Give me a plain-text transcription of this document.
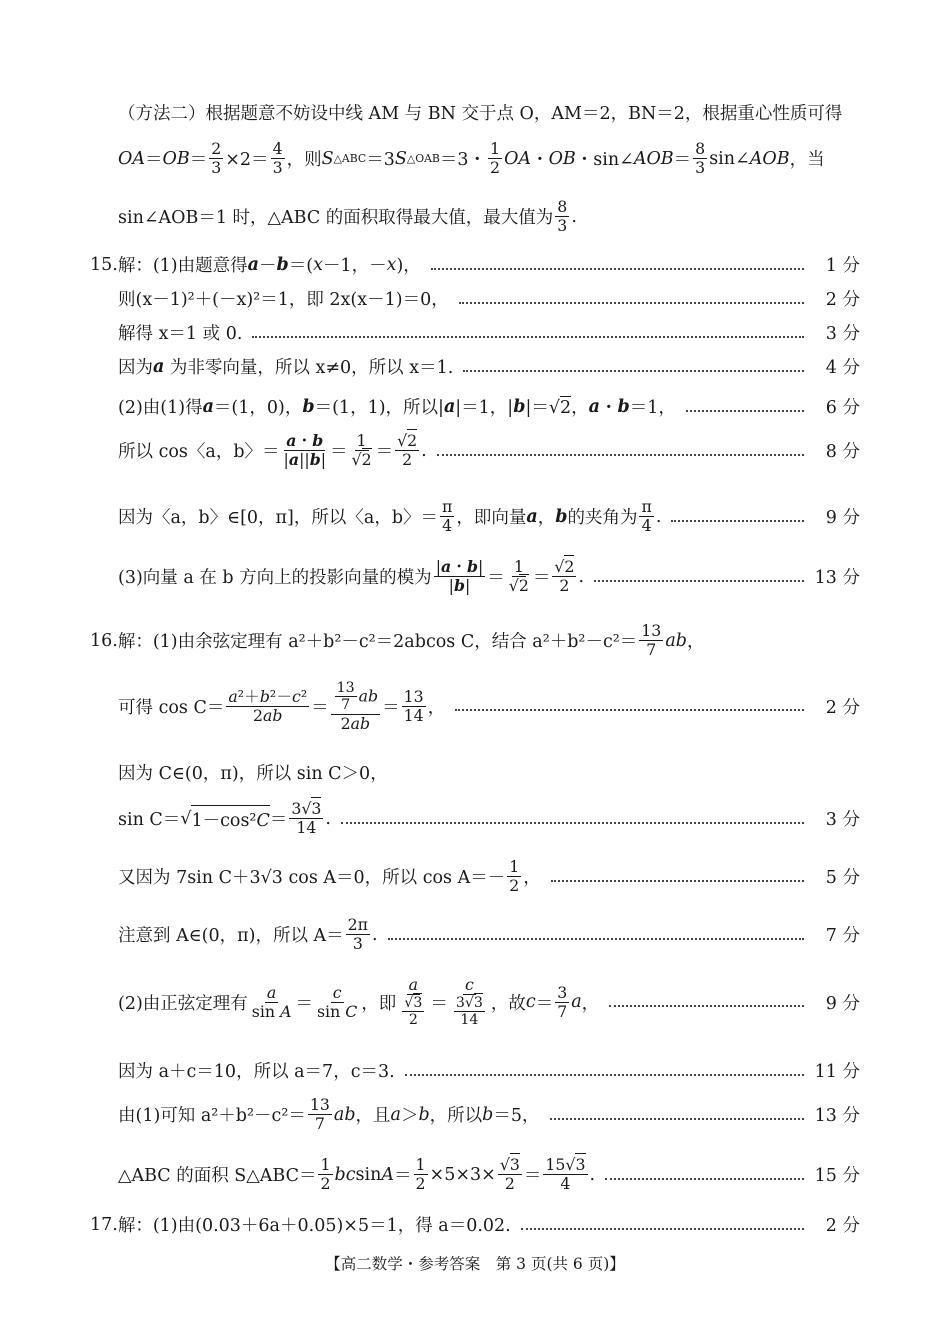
（方法二）根据题意不妨设中线 AM 与 BN 交于点 O，AM＝2，BN＝2，根据重心性质可得
OA ＝ OB ＝ $\frac{2}{3} \times 2= \frac{4}{3}$ ，则 S △ABC ＝3 S △OAB ＝3・ $\frac{1}{2}$ OA ・ OB ・sin∠ AOB ＝ $\frac{8}{3}$ sin∠ AOB ，当
sin∠AOB＝1 时，△ABC 的面积取得最大值，最大值为 $\frac{8}{3}$ .
15. 解：(1)由题意得 a － b ＝( x －1，－ x )，	1 分
则(x－1)²＋(－x)²＝1，即 2x(x－1)＝0，	2 分
解得 x＝1 或 0.	3 分
因为 a
为非零向量，所以 x≠0，所以 x＝1.	4 分
(2)由(1)得 a ＝(1，0)， b ＝(1，1)，所以| a |＝1，| b |＝√ 2 ， a ・ b ＝1，	6 分
所以 cos〈a，b〉＝ $\frac{a・b}{|a||b|} = \frac{1}{√2} = \frac{√2}{2}$ .	8 分
因为〈a，b〉∈[0，π]，所以〈a，b〉＝ $\frac{\pi}{4}$ ，即向量 a ， b 的夹角为 $\frac{\pi}{4}$ .	9 分
(3)向量 a 在 b 方向上的投影向量的模为 $\frac{|a・b|}{|b|} = \frac{1}{√2} = \frac{√2}{2}$ .	13 分
16. 解：(1)由余弦定理有 a²＋b²－c²＝2abcos C，结合 $a^2+b^2-c^2= \frac{13}{7}$ ab ，
可得 $\cos C= \frac{\text{a²＋b²－c²}}{2ab} = \frac{\frac{13}{7} ab}{2ab} = \frac{13}{14}$ ，	2 分
因为 C∈(0，π)，所以 sin C＞0，
sin C＝ √ $1-\cos^2C = \frac{3√3}{14}$ .	3 分
又因为 7sin C＋3√3 cos A＝0，所以 $\cos A=- \frac{1}{2}$ ，	5 分
注意到 A∈(0，π)，所以 $A= \frac{2\pi}{3}$ .	7 分
(2)由正弦定理有 $\frac{a}{\text{sin A}} = \frac{c}{\text{sin C}}$ ，即 $\frac{a}{\frac{√3}{2}} = \frac{c}{\frac{3√3}{14}}$ ，故 $c = \frac{3}{7}$ a ，	9 分
因为 a＋c＝10，所以 a＝7，c＝3.	11 分
由(1)可知 $a^2+b^2-c^2= \frac{13}{7}$ ab ，且 a ＞ b ，所以 b ＝5，	13 分
△ABC 的面积 S△ABC＝ $\frac{1}{2}$ bc $\sin A = \frac{1}{2} \times 5\times 3\times \frac{√3}{2} = \frac{15√3}{4}$ .	15 分
17. 解：(1)由(0.03＋6a＋0.05)×5＝1，得 a＝0.02.	2 分
【高二数学・参考答案　第 3 页(共 6 页)】
